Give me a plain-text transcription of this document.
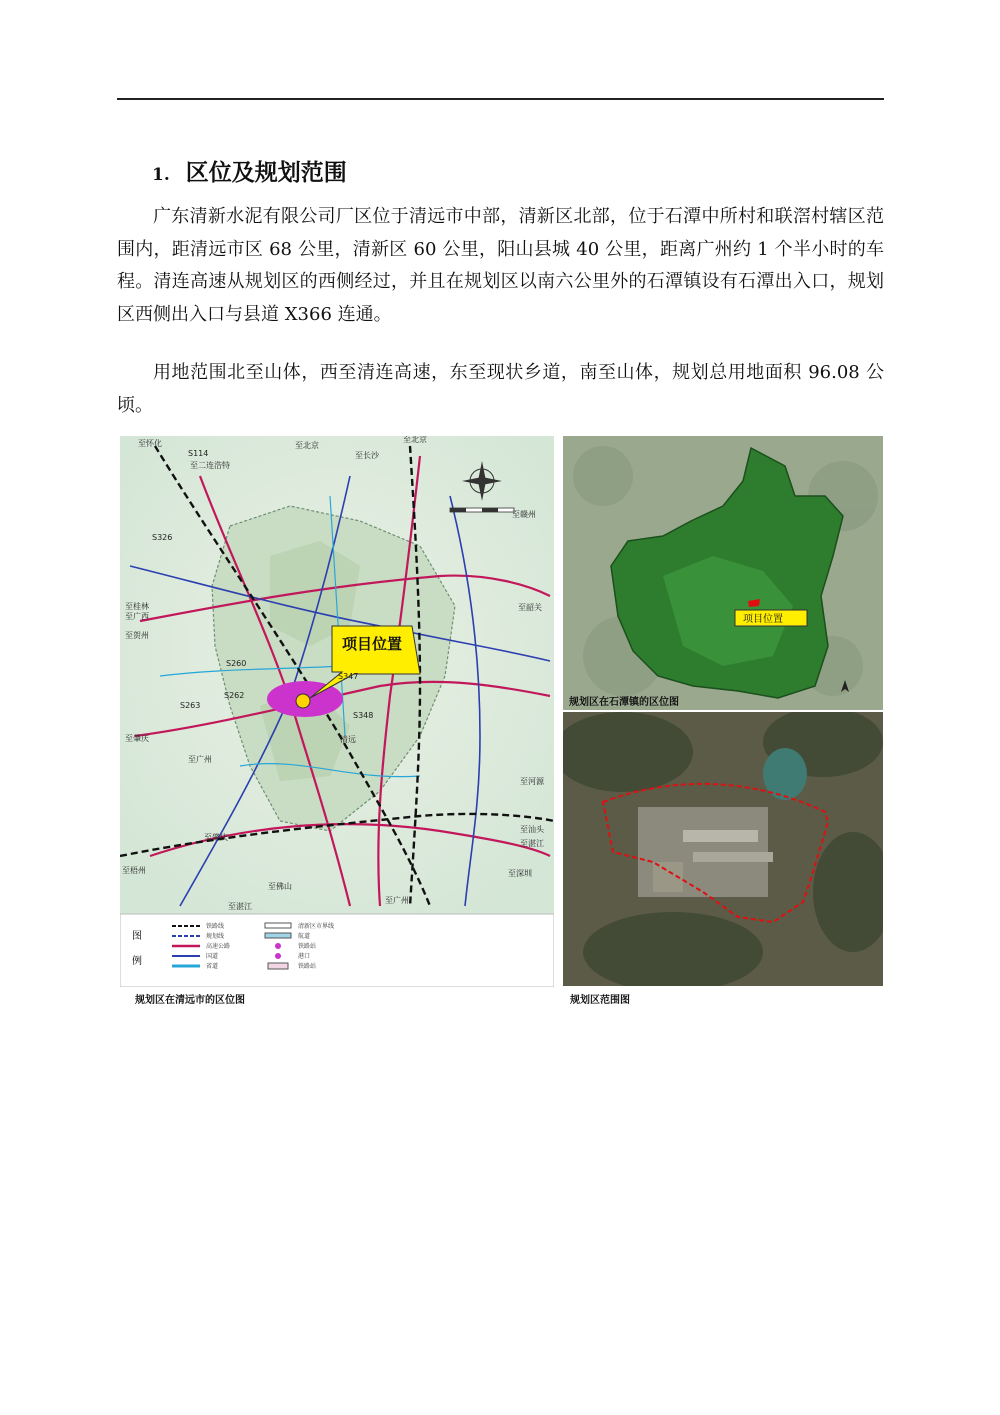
1. 区位及规划范围

广东清新水泥有限公司厂区位于清远市中部，清新区北部，位于石潭中所村和联滘村辖区范围内，距清远市区 68 公里，清新区 60 公里，阳山县城 40 公里，距离广州约 1 个半小时的车程。清连高速从规划区的西侧经过，并且在规划区以南六公里外的石潭镇设有石潭出入口，规划区西侧出入口与县道 X366 连通。

用地范围北至山体，西至清连高速，东至现状乡道，南至山体，规划总用地面积 96.08 公顷。

项目位置
至怀化	至北京
至北京
至二连浩特
S114	至长沙
S326
至赣州
至桂林
至广西
至贺州
至韶关
至肇庆
至广州
至肇庆
至梧州
至佛山
至湛江
至广州
至深圳
至汕头
至河源
S347
S348
S260
S263
S262
清远
至湛江
图
例
铁路线
规划线
高速公路
国道
省道
清新区市界线
航道
铁路站
港口
铁路站
规划区在清远市的区位图
项目位置
规划区在石潭镇的区位图
规划区范围图
